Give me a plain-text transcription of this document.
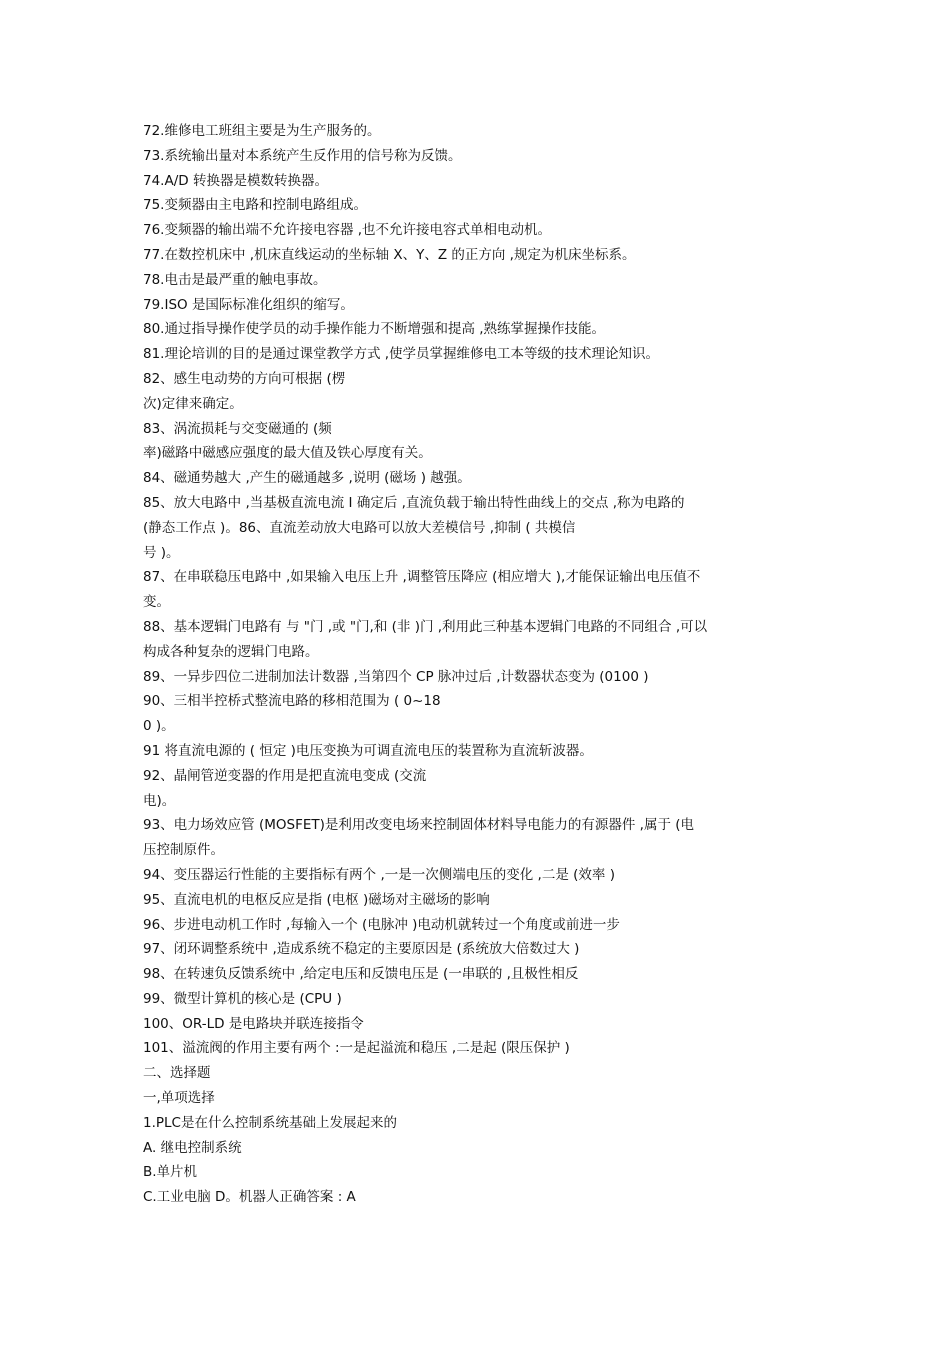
72.维修电工班组主要是为生产服务的。
73.系统输出量对本系统产生反作用的信号称为反馈。
74.A/D 转换器是模数转换器。
75.变频器由主电路和控制电路组成。
76.变频器的输出端不允许接电容器 ,也不允许接电容式单相电动机。
77.在数控机床中 ,机床直线运动的坐标轴 X、Y、Z 的正方向 ,规定为机床坐标系。
78.电击是最严重的触电事故。
79.ISO 是国际标准化组织的缩写。
80.通过指导操作使学员的动手操作能力不断增强和提高 ,熟练掌握操作技能。
81.理论培训的目的是通过课堂教学方式 ,使学员掌握维修电工本等级的技术理论知识。
82、感生电动势的方向可根据 (楞
次)定律来确定。
83、涡流损耗与交变磁通的 (频
率)磁路中磁感应强度的最大值及铁心厚度有关。
84、磁通势越大 ,产生的磁通越多 ,说明 (磁场 ) 越强。
85、放大电路中 ,当基极直流电流 I 确定后 ,直流负载于输出特性曲线上的交点 ,称为电路的
(静态工作点 )。86、直流差动放大电路可以放大差模信号 ,抑制 ( 共模信
号 )。
87、在串联稳压电路中 ,如果输入电压上升 ,调整管压降应 (相应增大 ),才能保证输出电压值不
变。
88、基本逻辑门电路有 与 "门 ,或 "门,和 (非 )门 ,利用此三种基本逻辑门电路的不同组合 ,可以
构成各种复杂的逻辑门电路。
89、一异步四位二进制加法计数器 ,当第四个 CP 脉冲过后 ,计数器状态变为 (0100 )
90、三相半控桥式整流电路的移相范围为 ( 0~18
0 )。
91 将直流电源的 ( 恒定 )电压变换为可调直流电压的装置称为直流斩波器。
92、晶闸管逆变器的作用是把直流电变成 (交流
电)。
93、电力场效应管 (MOSFET)是利用改变电场来控制固体材料导电能力的有源器件 ,属于 (电
压控制原件。
94、变压器运行性能的主要指标有两个 ,一是一次侧端电压的变化 ,二是 (效率 )
95、直流电机的电枢反应是指 (电枢 )磁场对主磁场的影响
96、步进电动机工作时 ,每输入一个 (电脉冲 )电动机就转过一个角度或前进一步
97、闭环调整系统中 ,造成系统不稳定的主要原因是 (系统放大倍数过大 )
98、在转速负反馈系统中 ,给定电压和反馈电压是 (一串联的 ,且极性相反
99、微型计算机的核心是 (CPU )
100、OR-LD 是电路块并联连接指令
101、溢流阀的作用主要有两个 :一是起溢流和稳压 ,二是起 (限压保护 )
二、选择题
一,单项选择
1.PLC是在什么控制系统基础上发展起来的
A. 继电控制系统
B.单片机
C.工业电脑 D。机器人正确答案 : A
